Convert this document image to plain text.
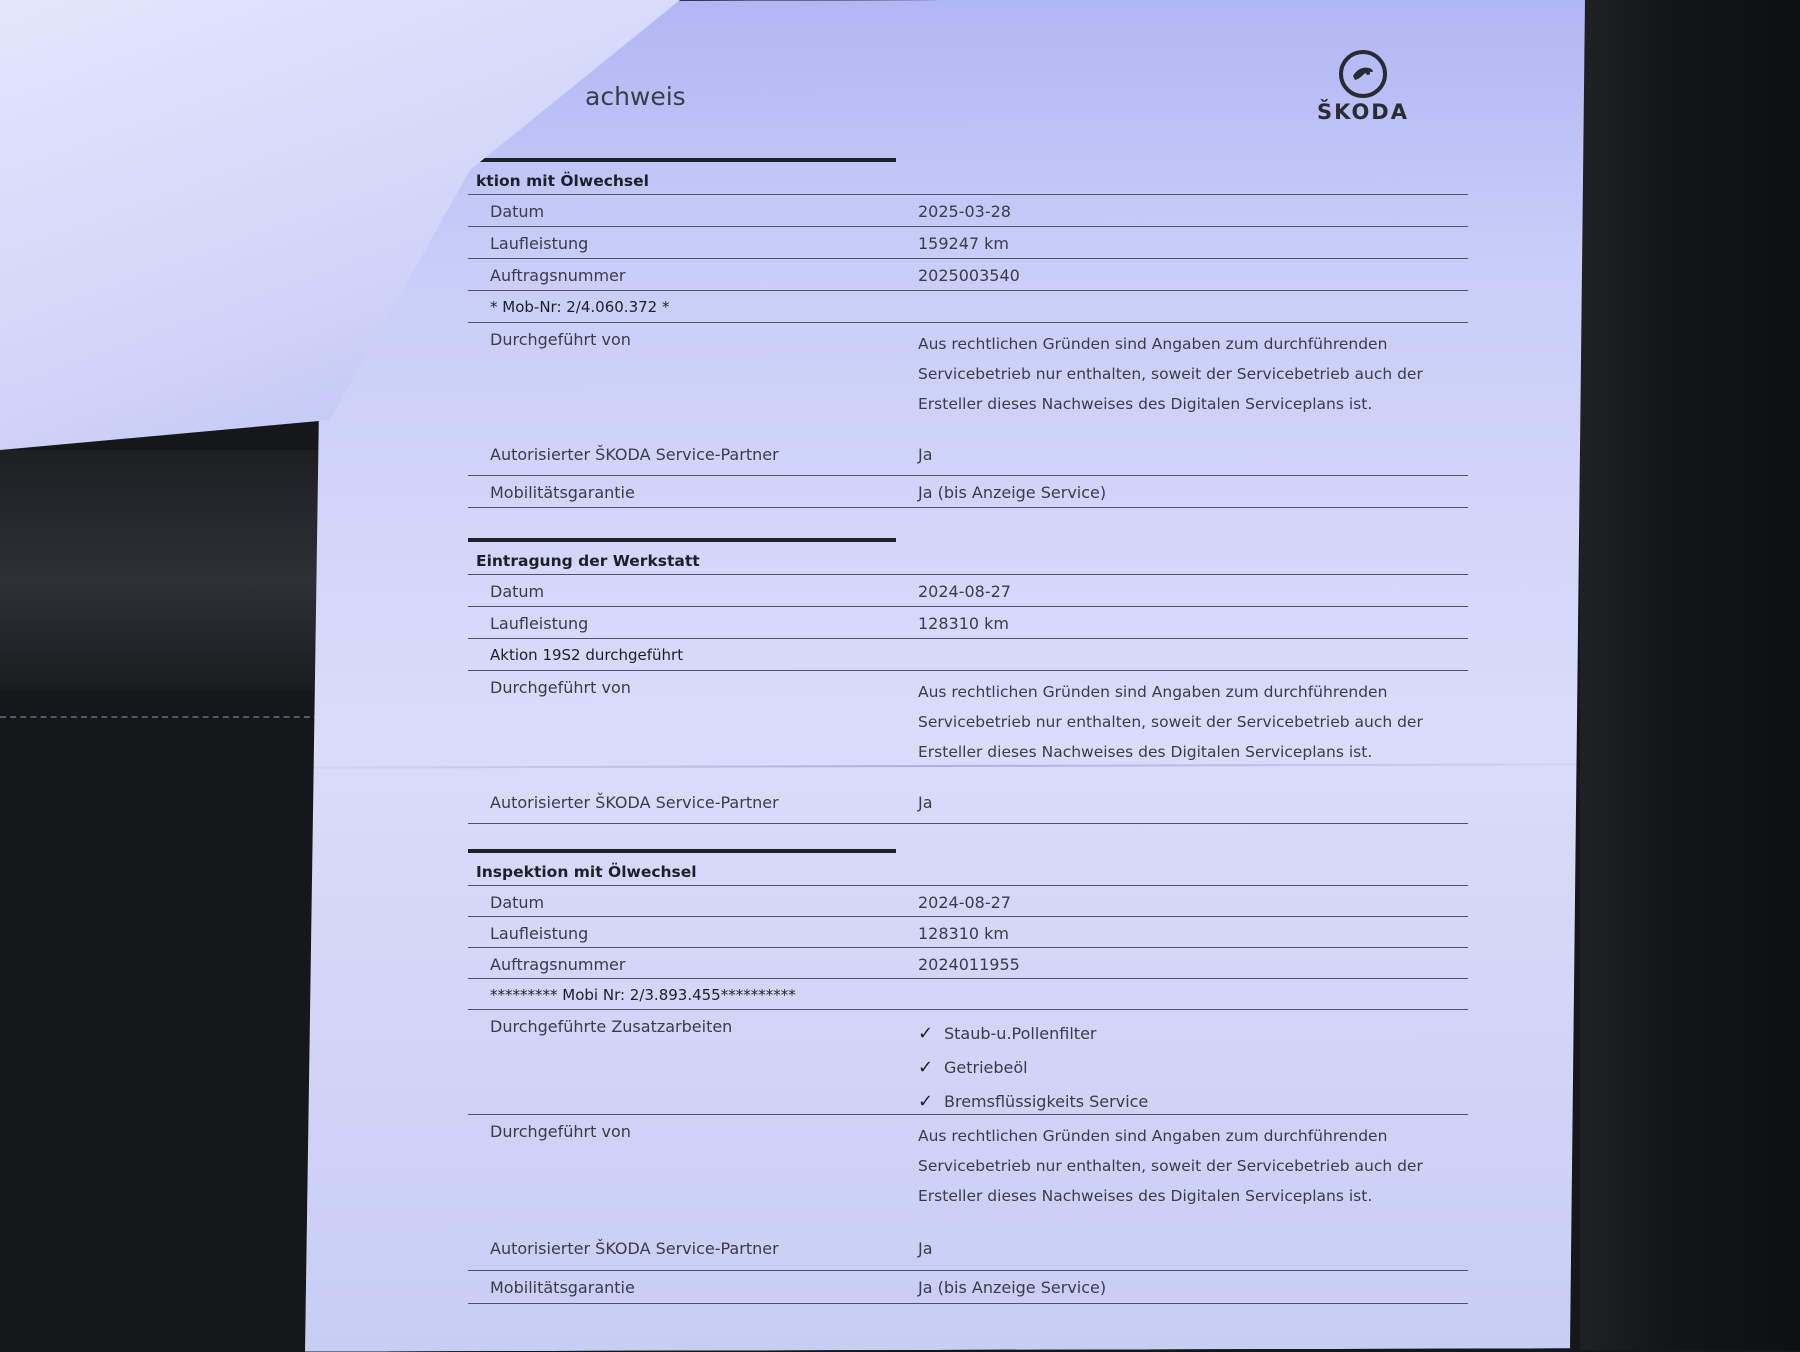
achweis
ŠKODA
ktion mit Ölwechsel
Datum	2025-03-28
Laufleistung	159247 km
Auftragsnummer	2025003540
* Mob-Nr: 2/4.060.372 *
Durchgeführt von	Aus rechtlichen Gründen sind Angaben zum durchführenden Servicebetrieb nur enthalten, soweit der Servicebetrieb auch der Ersteller dieses Nachweises des Digitalen Serviceplans ist.
Autorisierter ŠKODA Service-Partner	Ja
Mobilitätsgarantie	Ja (bis Anzeige Service)
Eintragung der Werkstatt
Datum	2024-08-27
Laufleistung	128310 km
Aktion 19S2 durchgeführt
Durchgeführt von	Aus rechtlichen Gründen sind Angaben zum durchführenden Servicebetrieb nur enthalten, soweit der Servicebetrieb auch der Ersteller dieses Nachweises des Digitalen Serviceplans ist.
Autorisierter ŠKODA Service-Partner	Ja
Inspektion mit Ölwechsel
Datum	2024-08-27
Laufleistung	128310 km
Auftragsnummer	2024011955
********* Mobi Nr: 2/3.893.455**********
Durchgeführte Zusatzarbeiten	✓ Staub-u.Pollenfilter
✓ Getriebeöl
✓ Bremsflüssigkeits Service
Durchgeführt von	Aus rechtlichen Gründen sind Angaben zum durchführenden Servicebetrieb nur enthalten, soweit der Servicebetrieb auch der Ersteller dieses Nachweises des Digitalen Serviceplans ist.
Autorisierter ŠKODA Service-Partner	Ja
Mobilitätsgarantie	Ja (bis Anzeige Service)
